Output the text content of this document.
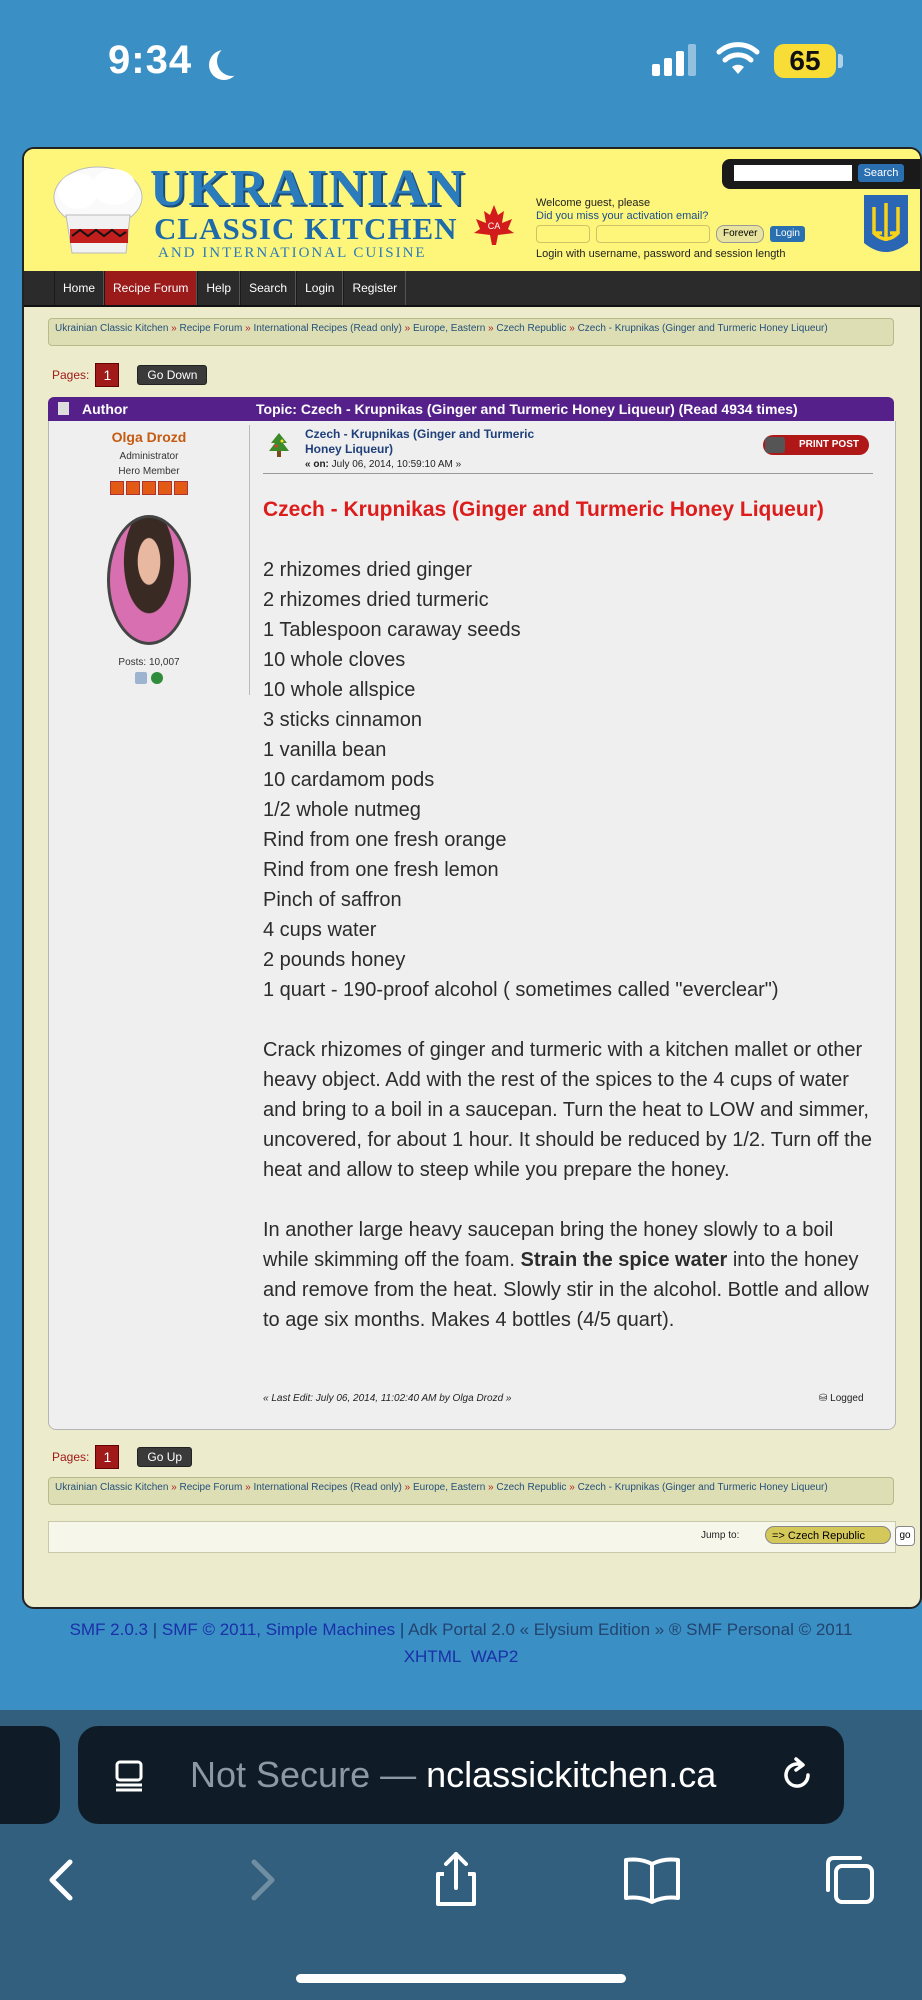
9:34	65
UKRAINIAN
CLASSIC KITCHEN
AND INTERNATIONAL CUISINE
CA
Search
Welcome guest, please
Did you miss your activation email?
Forever	Login
Login with username, password and session length
Home	Recipe Forum	Help	Search	Login	Register
Ukrainian Classic Kitchen » Recipe Forum » International Recipes (Read only) » Europe, Eastern » Czech Republic » Czech - Krupnikas (Ginger and Turmeric Honey Liqueur)
Pages:	1	Go Down
Author	Topic: Czech - Krupnikas (Ginger and Turmeric Honey Liqueur) (Read 4934 times)
Olga Drozd
Administrator
Hero Member
Posts: 10,007
Czech - Krupnikas (Ginger and Turmeric Honey Liqueur)
« on: July 06, 2014, 10:59:10 AM »
PRINT POST
Czech - Krupnikas (Ginger and Turmeric Honey Liqueur)
2 rhizomes dried ginger
2 rhizomes dried turmeric
1 Tablespoon caraway seeds
10 whole cloves
10 whole allspice
3 sticks cinnamon
1 vanilla bean
10 cardamom pods
1/2 whole nutmeg
Rind from one fresh orange
Rind from one fresh lemon
Pinch of saffron
4 cups water
2 pounds honey
1 quart - 190-proof alcohol ( sometimes called "everclear")

Crack rhizomes of ginger and turmeric with a kitchen mallet or other heavy object. Add with the rest of the spices to the 4 cups of water and bring to a boil in a saucepan. Turn the heat to LOW and simmer, uncovered, for about 1 hour. It should be reduced by 1/2. Turn off the heat and allow to steep while you prepare the honey.

In another large heavy saucepan bring the honey slowly to a boil while skimming off the foam. Strain the spice water into the honey and remove from the heat. Slowly stir in the alcohol. Bottle and allow to age six months. Makes 4 bottles (4/5 quart).

« Last Edit: July 06, 2014, 11:02:40 AM by Olga Drozd »	⛁ Logged
Pages:	1	Go Up
Ukrainian Classic Kitchen » Recipe Forum » International Recipes (Read only) » Europe, Eastern » Czech Republic » Czech - Krupnikas (Ginger and Turmeric Honey Liqueur)
Jump to:	=> Czech Republic	go
SMF 2.0.3 | SMF © 2011, Simple Machines | Adk Portal 2.0 « Elysium Edition » ® SMF Personal © 2011
XHTML WAP2
Not Secure — nclassickitchen.ca
